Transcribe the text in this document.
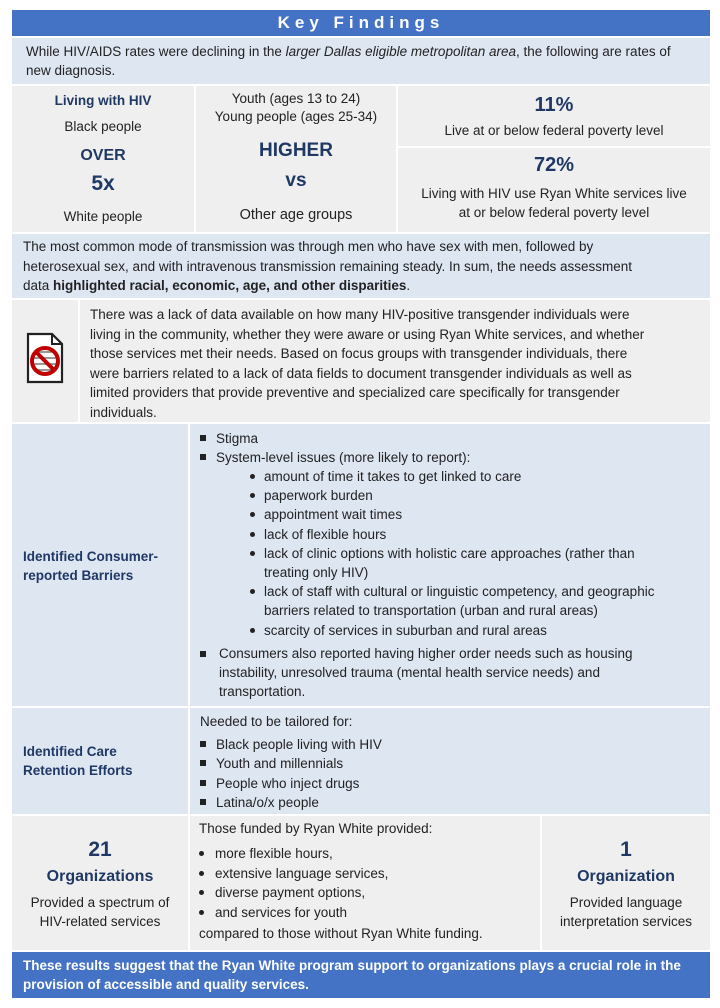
Key Findings
While HIV/AIDS rates were declining in the larger Dallas eligible metropolitan area, the following are rates of new diagnosis.
Living with HIV
Black people
OVER
5x
White people
Youth (ages 13 to 24)
Young people (ages 25-34)
HIGHER
vs
Other age groups
11%
Live at or below federal poverty level
72%
Living with HIV use Ryan White services live
at or below federal poverty level
The most common mode of transmission was through men who have sex with men, followed by
heterosexual sex, and with intravenous transmission remaining steady. In sum, the needs assessment
data highlighted racial, economic, age, and other disparities.
There was a lack of data available on how many HIV-positive transgender individuals were
living in the community, whether they were aware or using Ryan White services, and whether
those services met their needs. Based on focus groups with transgender individuals, there
were barriers related to a lack of data fields to document transgender individuals as well as
limited providers that provide preventive and specialized care specifically for transgender
individuals.
Identified Consumer-
reported Barriers
Stigma
System-level issues (more likely to report):
amount of time it takes to get linked to care
paperwork burden
appointment wait times
lack of flexible hours
lack of clinic options with holistic care approaches (rather than
treating only HIV)
lack of staff with cultural or linguistic competency, and geographic
barriers related to transportation (urban and rural areas)
scarcity of services in suburban and rural areas
Consumers also reported having higher order needs such as housing
instability, unresolved trauma (mental health service needs) and
transportation.
Identified Care
Retention Efforts
Needed to be tailored for:
Black people living with HIV
Youth and millennials
People who inject drugs
Latina/o/x people
21
Organizations
Provided a spectrum of
HIV-related services
Those funded by Ryan White provided:
more flexible hours,
extensive language services,
diverse payment options,
and services for youth
compared to those without Ryan White funding.
1
Organization
Provided language
interpretation services
These results suggest that the Ryan White program support to organizations plays a crucial role in the
provision of accessible and quality services.
